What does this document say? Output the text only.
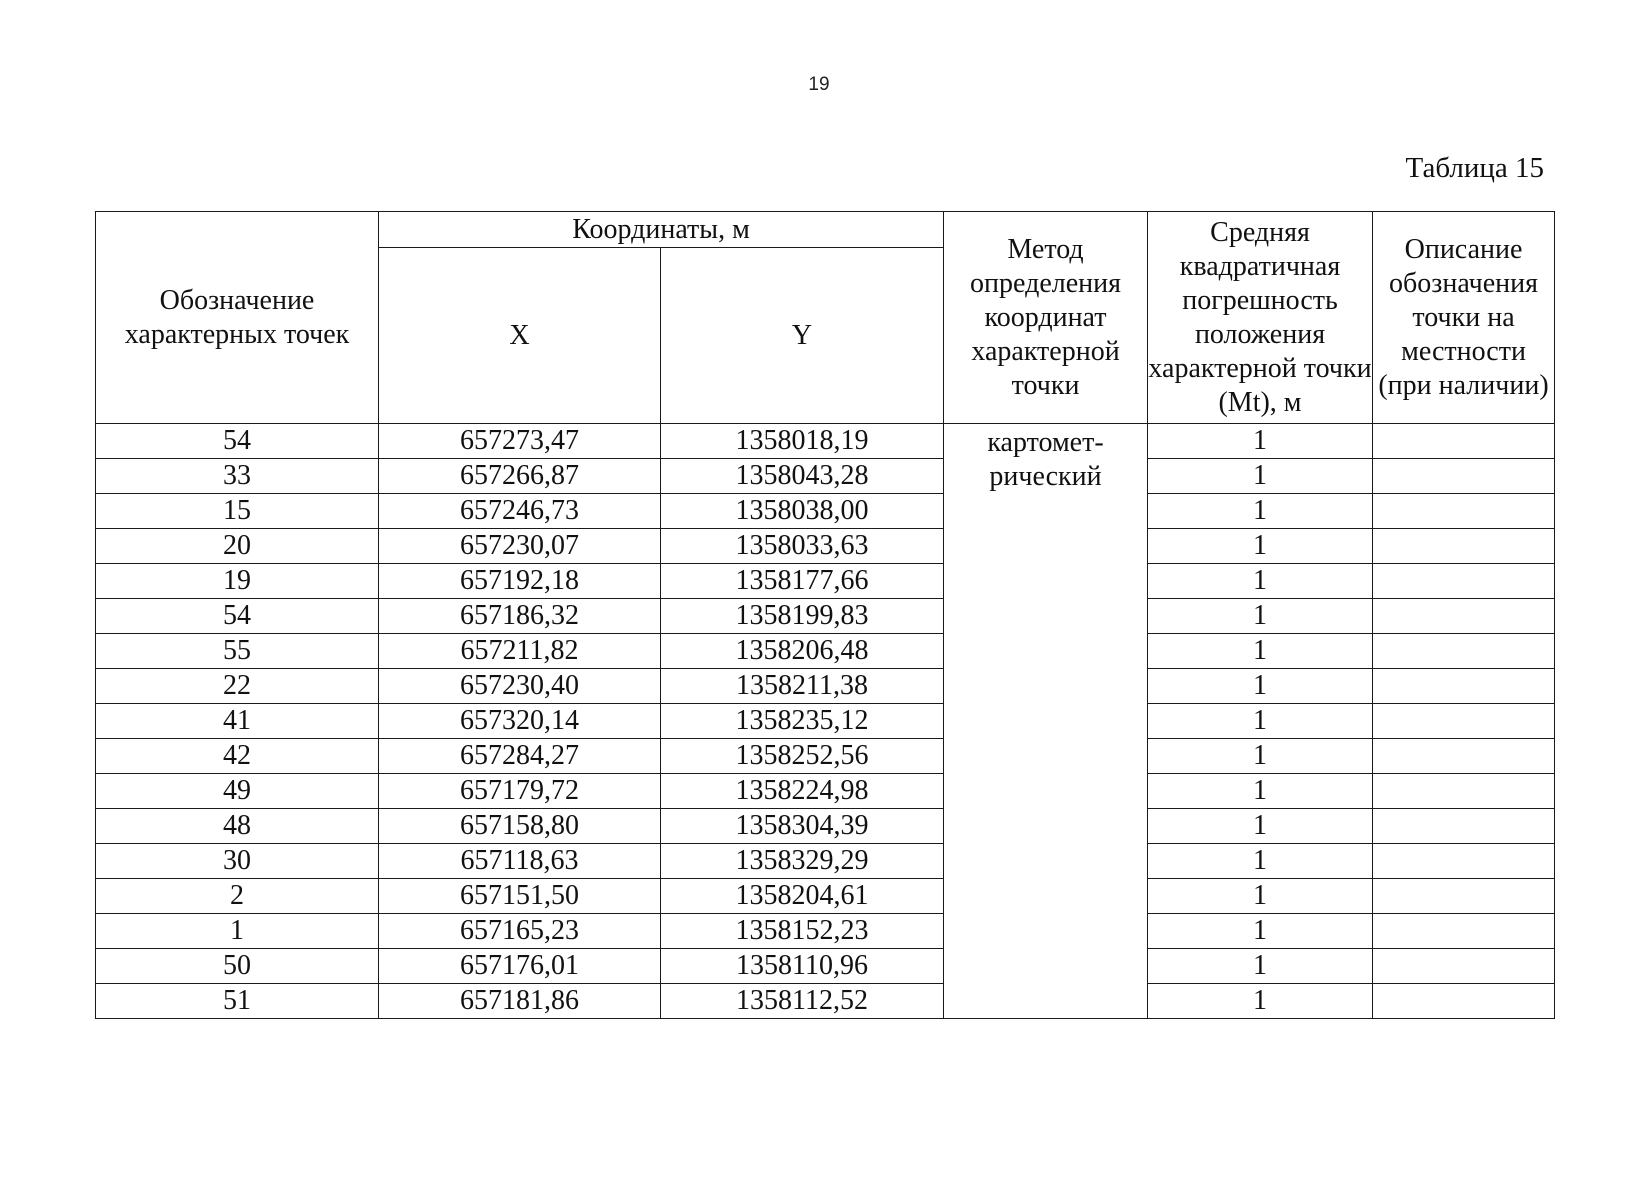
19
Таблица 15
Обозначение характерных точек	Координаты, м		Метод определения координат характерной точки	Средняя квадратичная погрешность положения характерной точки (Mt), м	Описание обозначения точки на местности (при наличии)
	X	Y			
54	657273,47	1358018,19	картомет- рический	1	
33	657266,87	1358043,28		1	
15	657246,73	1358038,00		1	
20	657230,07	1358033,63		1	
19	657192,18	1358177,66		1	
54	657186,32	1358199,83		1	
55	657211,82	1358206,48		1	
22	657230,40	1358211,38		1	
41	657320,14	1358235,12		1	
42	657284,27	1358252,56		1	
49	657179,72	1358224,98		1	
48	657158,80	1358304,39		1	
30	657118,63	1358329,29		1	
2	657151,50	1358204,61		1	
1	657165,23	1358152,23		1	
50	657176,01	1358110,96		1	
51	657181,86	1358112,52		1	
